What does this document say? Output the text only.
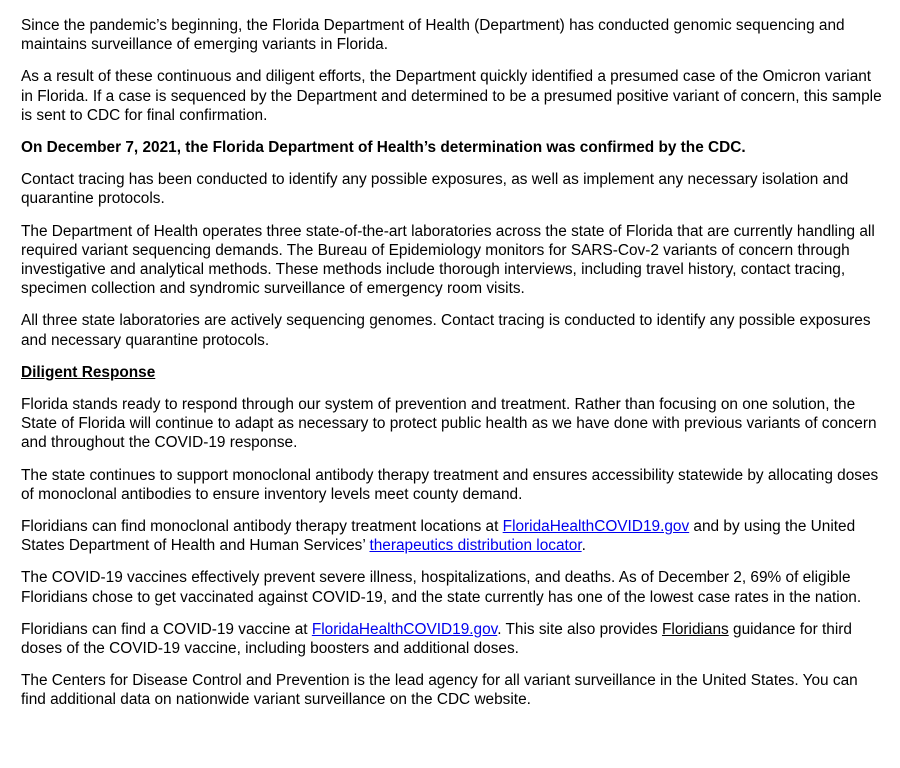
Since the pandemic’s beginning, the Florida Department of Health (Department) has conducted genomic sequencing and maintains surveillance of emerging variants in Florida.

As a result of these continuous and diligent efforts, the Department quickly identified a presumed case of the Omicron variant in Florida. If a case is sequenced by the Department and determined to be a presumed positive variant of concern, this sample is sent to CDC for final confirmation.

On December 7, 2021, the Florida Department of Health’s determination was confirmed by the CDC.

Contact tracing has been conducted to identify any possible exposures, as well as implement any necessary isolation and quarantine protocols.

The Department of Health operates three state-of-the-art laboratories across the state of Florida that are currently handling all required variant sequencing demands. The Bureau of Epidemiology monitors for SARS-Cov-2 variants of concern through investigative and analytical methods. These methods include thorough interviews, including travel history, contact tracing, specimen collection and syndromic surveillance of emergency room visits.

All three state laboratories are actively sequencing genomes. Contact tracing is conducted to identify any possible exposures and necessary quarantine protocols.

Diligent Response

Florida stands ready to respond through our system of prevention and treatment. Rather than focusing on one solution, the State of Florida will continue to adapt as necessary to protect public health as we have done with previous variants of concern and throughout the COVID-19 response.

The state continues to support monoclonal antibody therapy treatment and ensures accessibility statewide by allocating doses of monoclonal antibodies to ensure inventory levels meet county demand.

Floridians can find monoclonal antibody therapy treatment locations at FloridaHealthCOVID19.gov and by using the United States Department of Health and Human Services’ therapeutics distribution locator.

The COVID-19 vaccines effectively prevent severe illness, hospitalizations, and deaths. As of December 2, 69% of eligible Floridians chose to get vaccinated against COVID-19, and the state currently has one of the lowest case rates in the nation.

Floridians can find a COVID-19 vaccine at FloridaHealthCOVID19.gov. This site also provides Floridians guidance for third doses of the COVID-19 vaccine, including boosters and additional doses.

The Centers for Disease Control and Prevention is the lead agency for all variant surveillance in the United States. You can find additional data on nationwide variant surveillance on the CDC website.
